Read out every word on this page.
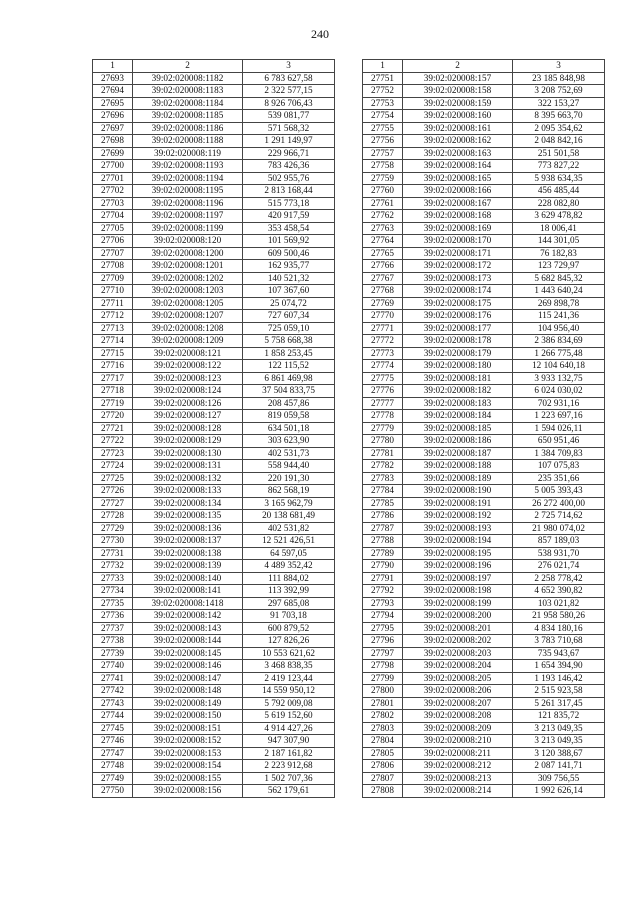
240
1	2	3
27693	39:02:020008:1182	6 783 627,58
27694	39:02:020008:1183	2 322 577,15
27695	39:02:020008:1184	8 926 706,43
27696	39:02:020008:1185	539 081,77
27697	39:02:020008:1186	571 568,32
27698	39:02:020008:1188	1 291 149,97
27699	39:02:020008:119	229 966,71
27700	39:02:020008:1193	783 426,36
27701	39:02:020008:1194	502 955,76
27702	39:02:020008:1195	2 813 168,44
27703	39:02:020008:1196	515 773,18
27704	39:02:020008:1197	420 917,59
27705	39:02:020008:1199	353 458,54
27706	39:02:020008:120	101 569,92
27707	39:02:020008:1200	609 500,46
27708	39:02:020008:1201	162 935,77
27709	39:02:020008:1202	140 521,32
27710	39:02:020008:1203	107 367,60
27711	39:02:020008:1205	25 074,72
27712	39:02:020008:1207	727 607,34
27713	39:02:020008:1208	725 059,10
27714	39:02:020008:1209	5 758 668,38
27715	39:02:020008:121	1 858 253,45
27716	39:02:020008:122	122 115,52
27717	39:02:020008:123	6 861 469,98
27718	39:02:020008:124	37 504 833,75
27719	39:02:020008:126	208 457,86
27720	39:02:020008:127	819 059,58
27721	39:02:020008:128	634 501,18
27722	39:02:020008:129	303 623,90
27723	39:02:020008:130	402 531,73
27724	39:02:020008:131	558 944,40
27725	39:02:020008:132	220 191,30
27726	39:02:020008:133	862 568,19
27727	39:02:020008:134	3 165 962,79
27728	39:02:020008:135	20 138 681,49
27729	39:02:020008:136	402 531,82
27730	39:02:020008:137	12 521 426,51
27731	39:02:020008:138	64 597,05
27732	39:02:020008:139	4 489 352,42
27733	39:02:020008:140	111 884,02
27734	39:02:020008:141	113 392,99
27735	39:02:020008:1418	297 685,08
27736	39:02:020008:142	91 703,18
27737	39:02:020008:143	600 879,52
27738	39:02:020008:144	127 826,26
27739	39:02:020008:145	10 553 621,62
27740	39:02:020008:146	3 468 838,35
27741	39:02:020008:147	2 419 123,44
27742	39:02:020008:148	14 559 950,12
27743	39:02:020008:149	5 792 009,08
27744	39:02:020008:150	5 619 152,60
27745	39:02:020008:151	4 914 427,26
27746	39:02:020008:152	947 307,90
27747	39:02:020008:153	2 187 161,82
27748	39:02:020008:154	2 223 912,68
27749	39:02:020008:155	1 502 707,36
27750	39:02:020008:156	562 179,61
1	2	3
27751	39:02:020008:157	23 185 848,98
27752	39:02:020008:158	3 208 752,69
27753	39:02:020008:159	322 153,27
27754	39:02:020008:160	8 395 663,70
27755	39:02:020008:161	2 095 354,62
27756	39:02:020008:162	2 048 842,16
27757	39:02:020008:163	251 501,58
27758	39:02:020008:164	773 827,22
27759	39:02:020008:165	5 938 634,35
27760	39:02:020008:166	456 485,44
27761	39:02:020008:167	228 082,80
27762	39:02:020008:168	3 629 478,82
27763	39:02:020008:169	18 006,41
27764	39:02:020008:170	144 301,05
27765	39:02:020008:171	76 182,83
27766	39:02:020008:172	123 729,97
27767	39:02:020008:173	5 682 845,32
27768	39:02:020008:174	1 443 640,24
27769	39:02:020008:175	269 898,78
27770	39:02:020008:176	115 241,36
27771	39:02:020008:177	104 956,40
27772	39:02:020008:178	2 386 834,69
27773	39:02:020008:179	1 266 775,48
27774	39:02:020008:180	12 104 640,18
27775	39:02:020008:181	3 933 132,75
27776	39:02:020008:182	6 024 030,02
27777	39:02:020008:183	702 931,16
27778	39:02:020008:184	1 223 697,16
27779	39:02:020008:185	1 594 026,11
27780	39:02:020008:186	650 951,46
27781	39:02:020008:187	1 384 709,83
27782	39:02:020008:188	107 075,83
27783	39:02:020008:189	235 351,66
27784	39:02:020008:190	5 005 393,43
27785	39:02:020008:191	26 272 400,00
27786	39:02:020008:192	2 725 714,62
27787	39:02:020008:193	21 980 074,02
27788	39:02:020008:194	857 189,03
27789	39:02:020008:195	538 931,70
27790	39:02:020008:196	276 021,74
27791	39:02:020008:197	2 258 778,42
27792	39:02:020008:198	4 652 390,82
27793	39:02:020008:199	103 021,82
27794	39:02:020008:200	21 958 580,26
27795	39:02:020008:201	4 834 180,16
27796	39:02:020008:202	3 783 710,68
27797	39:02:020008:203	735 943,67
27798	39:02:020008:204	1 654 394,90
27799	39:02:020008:205	1 193 146,42
27800	39:02:020008:206	2 515 923,58
27801	39:02:020008:207	5 261 317,45
27802	39:02:020008:208	121 835,72
27803	39:02:020008:209	3 213 049,35
27804	39:02:020008:210	3 213 049,35
27805	39:02:020008:211	3 120 388,67
27806	39:02:020008:212	2 087 141,71
27807	39:02:020008:213	309 756,55
27808	39:02:020008:214	1 992 626,14
